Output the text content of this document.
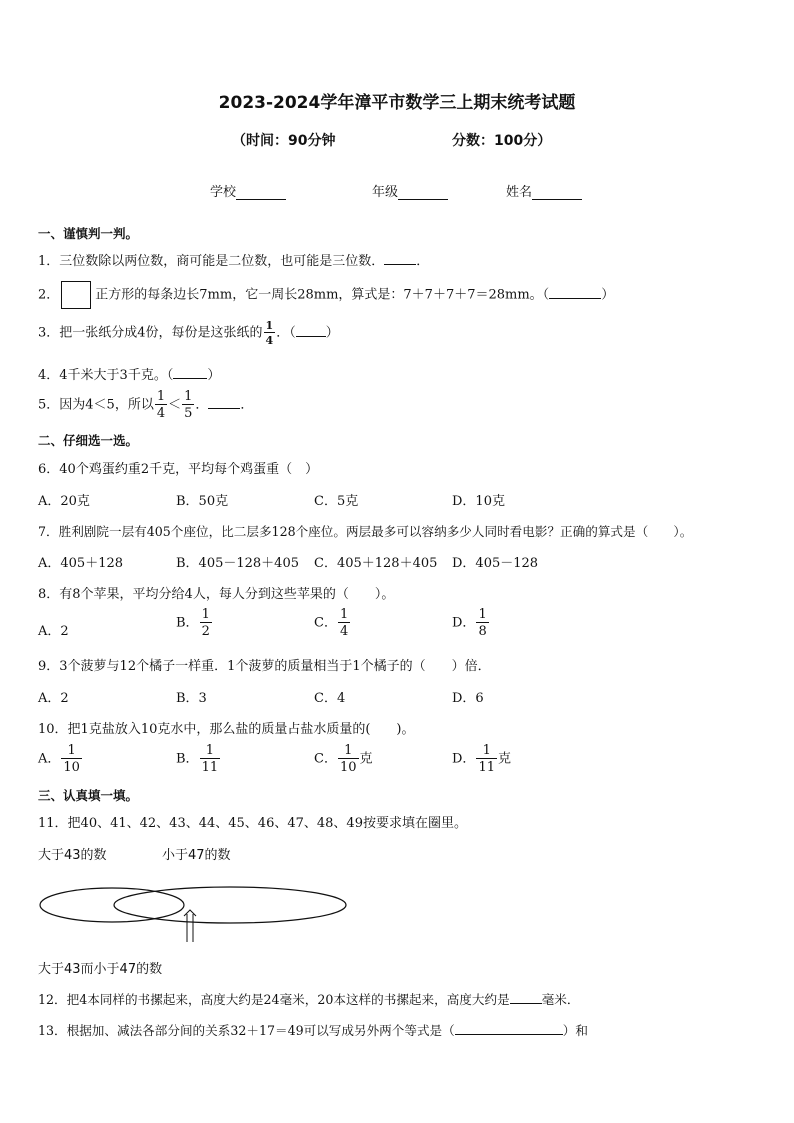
2023-2024学年漳平市数学三上期末统考试题
（时间：90分钟	分数：100分）
学校	年级	姓名
一、谨慎判一判。
1．三位数除以两位数，商可能是二位数，也可能是三位数． ．
2．	正方形的每条边长7mm，它一周长28mm，算式是：7＋7＋7＋7＝28mm。（	）
3．把一张纸分成4份，每份是这张纸的 $\frac{1}{4}$ ．（ ）
4．4千米大于3千克。（	）
5．因为4＜5，所以 $\frac{1}{4} < \frac{1}{5}$ ． ．
二、仔细选一选。
6．40个鸡蛋约重2千克，平均每个鸡蛋重（　）
A．20克	B．50克	C．5克	D．10克
7．胜利剧院一层有405个座位，比二层多128个座位。两层最多可以容纳多少人同时看电影？正确的算式是（　　）。
A．405＋128	B．405－128＋405 C．405＋128＋405 D．405－128
8．有8个苹果，平均分给4人，每人分到这些苹果的（　　）。
A．2
B． $\frac{1}{2}$	C． $\frac{1}{4}$	D． $\frac{1}{8}$
9．3个菠萝与12个橘子一样重．1个菠萝的质量相当于1个橘子的（　　）倍．
A．2	B．3	C．4	D．6
10．把1克盐放入10克水中，那么盐的质量占盐水质量的(　　)。
A． $\frac{1}{10}$	B． $\frac{1}{11}$	C． $\frac{1}{10}$ 克	D． $\frac{1}{11}$ 克
三、认真填一填。
11．把40、41、42、43、44、45、46、47、48、49按要求填在圈里。
大于43的数	小于47的数
大于43而小于47的数
12．把4本同样的书摞起来，高度大约是24毫米，20本这样的书摞起来，高度大约是	毫米．
13．根据加、减法各部分间的关系32＋17＝49可以写成另外两个等式是（	）和
